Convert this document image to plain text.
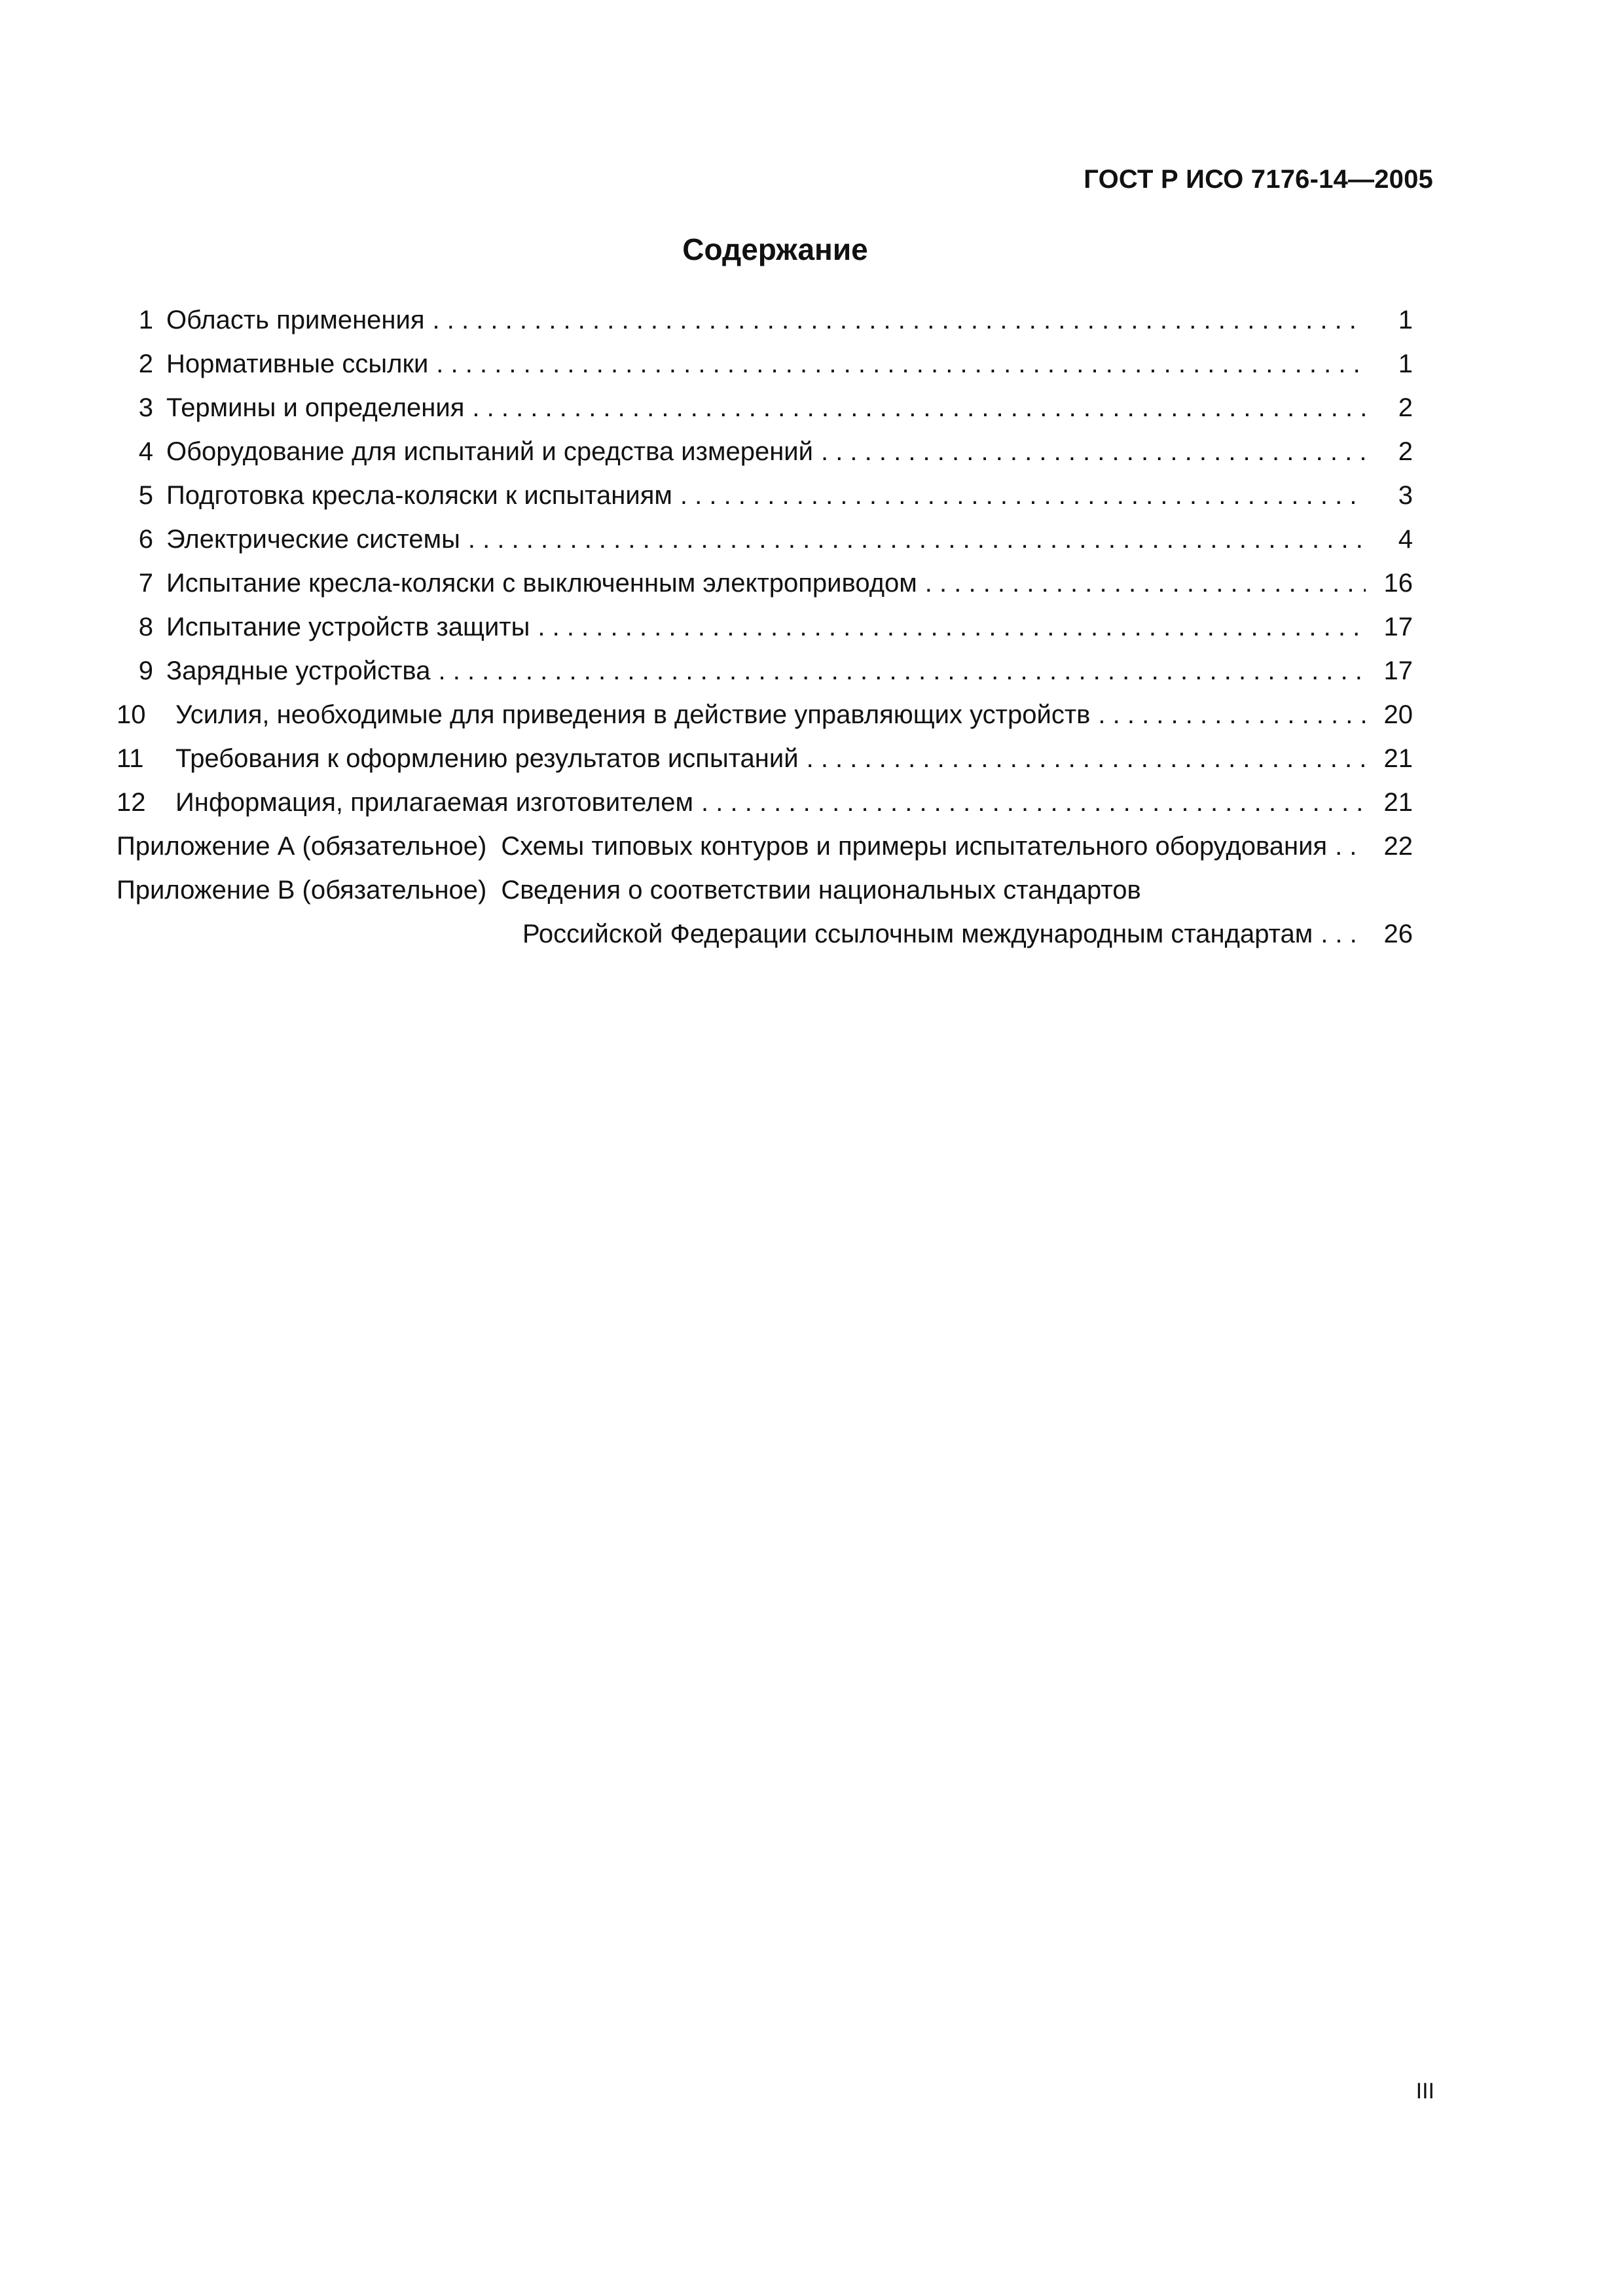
ГОСТ Р ИСО 7176-14—2005
Содержание
1 Область применения . . .	1
2 Нормативные ссылки . . .	1
3 Термины и определения . . .	2
4 Оборудование для испытаний и средства измерений . . .	2
5 Подготовка кресла-коляски к испытаниям . . .	3
6 Электрические системы . . .	4
7 Испытание кресла-коляски с выключенным электроприводом . . .	16
8 Испытание устройств защиты . . .	17
9 Зарядные устройства . . .	17
10	Усилия, необходимые для приведения в действие управляющих устройств . . .	20
11	Требования к оформлению результатов испытаний . . .	21
12	Информация, прилагаемая изготовителем . . .	21
Приложение А (обязательное) Схемы типовых контуров и примеры испытательного оборудования . . .	22
Приложение В (обязательное) Сведения о соответствии национальных стандартов
Российской Федерации ссылочным международным стандартам . . .	26
III
